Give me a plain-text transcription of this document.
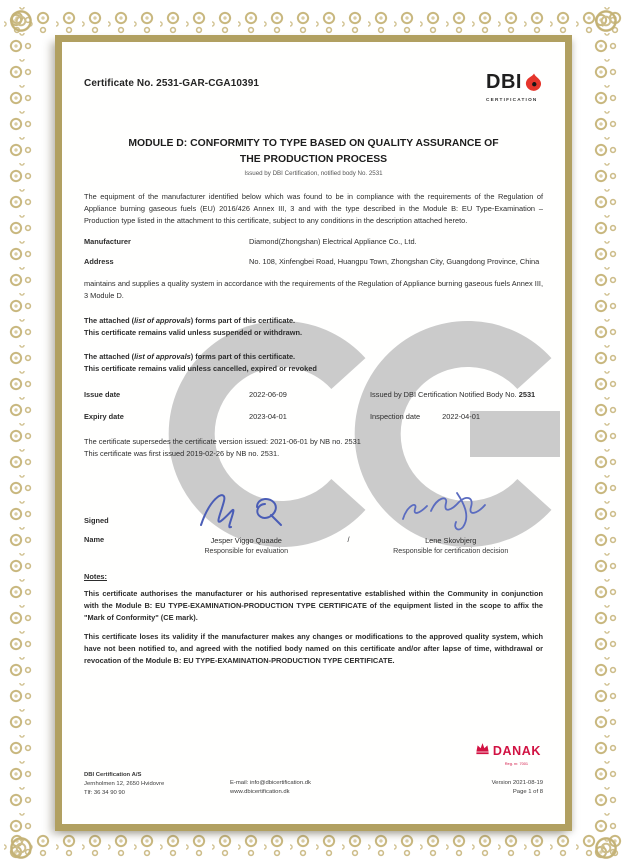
Certificate No. 2531-GAR-CGA10391	DBI
CERTIFICATION
MODULE D: CONFORMITY TO TYPE BASED ON QUALITY ASSURANCE OF
THE PRODUCTION PROCESS
Issued by DBI Certification, notified body No. 2531
The equipment of the manufacturer identified below which was found to be in compliance with the requirements of the Regulation of Appliance burning gaseous fuels (EU) 2016/426 Annex III, 3 and with the type described in the Module B: EU Type-Examination – Production type listed in the attachment to this certificate, subject to any conditions in the description attached hereto.
Manufacturer	Diamond(Zhongshan) Electrical Appliance Co., Ltd.
Address	No. 108, Xinfengbei Road, Huangpu Town, Zhongshan City, Guangdong Province, China
maintains and supplies a quality system in accordance with the requirements of the Regulation of Appliance burning gaseous fuels Annex III, 3 Module D.
The attached (list of approvals) forms part of this certificate.
This certificate remains valid unless suspended or withdrawn.
The attached (list of approvals) forms part of this certificate.
This certificate remains valid unless cancelled, expired or revoked
Issue date	2022-06-09	Issued by DBI Certification Notified Body No. 2531
Expiry date	2023-04-01	Inspection date	2022-04-01
The certificate supersedes the certificate version issued: 2021-06-01 by NB no. 2531
This certificate was first issued 2019-02-26 by NB no. 2531.
Signed
Name	Jesper Viggo Quaade
Responsible for evaluation
/	Lene Skovbjerg
Responsible for certification decision
Notes:

This certificate authorises the manufacturer or his authorised representative established within the Community in conjunction with the Module B: EU TYPE-EXAMINATION-PRODUCTION TYPE CERTIFICATE of the equipment listed in the scope to affix the "Mark of Conformity" (CE mark).

This certificate loses its validity if the manufacturer makes any changes or modifications to the approved quality system, which have not been notified to, and agreed with the notified body named on this certificate and/or after lapse of time, withdrawal or revocation of the Module B: EU TYPE-EXAMINATION-PRODUCTION TYPE CERTIFICATE.

DANAK
Reg. nr. 7001
DBI Certification A/S
Jernholmen 12, 2650 Hvidovre
Tlf: 36 34 90 90
E-mail: info@dbicertification.dk
www.dbicertification.dk
Version 2021-08-19
Page 1 of 8
